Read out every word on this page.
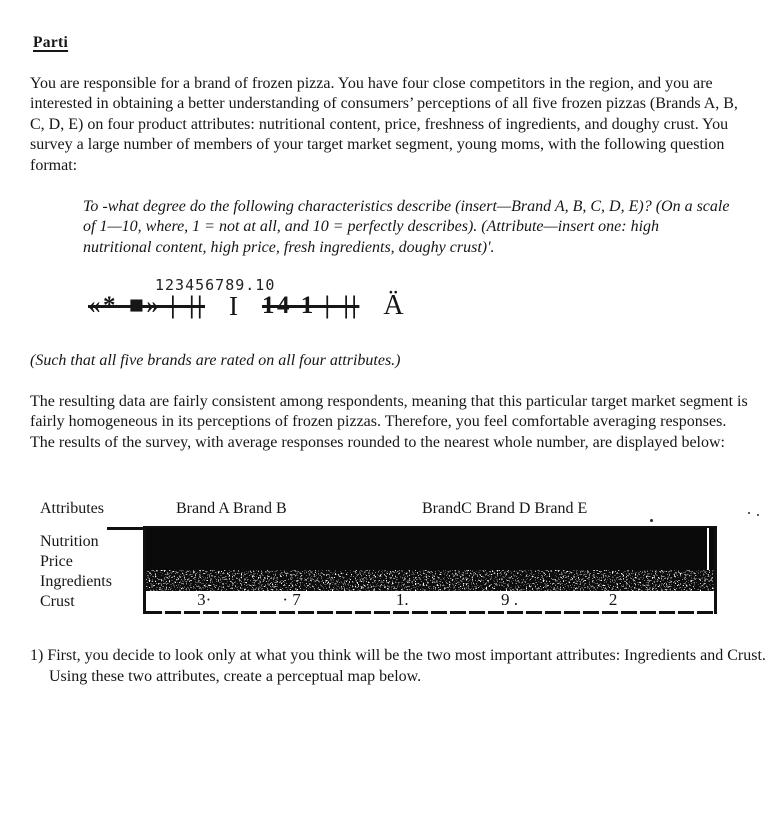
Parti
You are responsible for a brand of frozen pizza. You have four close competitors in the region, and you are interested in obtaining a better understanding of consumers’ perceptions of all five frozen pizzas (Brands A, B, C, D, E) on four product attributes: nutritional content, price, freshness of ingredients, and doughy crust. You survey a large number of members of your target market segment, young moms, with the following question format:
To -what degree do the following characteristics describe (insert—Brand A, B, C, D, E)? (On a scale of 1—10, where, 1 = not at all, and 10 = perfectly describes). (Attribute—insert one: high nutritional content, high price, fresh ingredients, doughy crust)'.
123456789.10
«*-■» |-|| I 14 1 |-|| Ä
(Such that all five brands are rated on all four attributes.)
The resulting data are fairly consistent among respondents, meaning that this particular target market segment is fairly homogeneous in its perceptions of frozen pizzas. Therefore, you feel comfortable averaging responses. The results of the survey, with average responses rounded to the nearest whole number, are displayed below:
Attributes	Brand A Brand B	BrandC Brand D Brand E
Nutrition
Price
Ingredients
Crust	3·	· 7	1.	9 .	2
1) First, you decide to look only at what you think will be the two most important attributes: Ingredients and Crust. Using these two attributes, create a perceptual map below.
